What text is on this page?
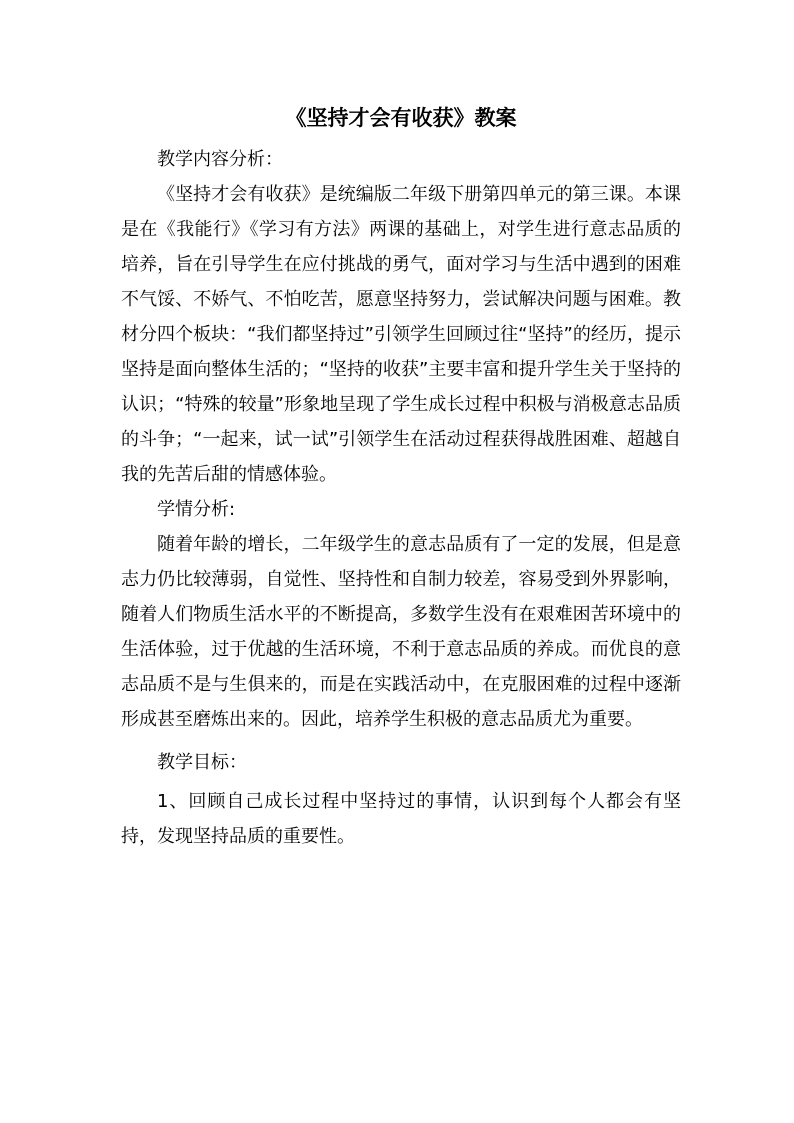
《坚持才会有收获》教案

教学内容分析：

《坚持才会有收获》是统编版二年级下册第四单元的第三课。本课是在《我能行》《学习有方法》两课的基础上，对学生进行意志品质的培养，旨在引导学生在应付挑战的勇气，面对学习与生活中遇到的困难不气馁、不娇气、不怕吃苦，愿意坚持努力，尝试解决问题与困难。教材分四个板块：“我们都坚持过”引领学生回顾过往“坚持”的经历，提示坚持是面向整体生活的；“坚持的收获”主要丰富和提升学生关于坚持的认识；“特殊的较量”形象地呈现了学生成长过程中积极与消极意志品质的斗争；“一起来，试一试”引领学生在活动过程获得战胜困难、超越自我的先苦后甜的情感体验。

学情分析:

随着年龄的增长，二年级学生的意志品质有了一定的发展，但是意志力仍比较薄弱，自觉性、坚持性和自制力较差，容易受到外界影响，随着人们物质生活水平的不断提高，多数学生没有在艰难困苦环境中的生活体验，过于优越的生活环境，不利于意志品质的养成。而优良的意志品质不是与生俱来的，而是在实践活动中，在克服困难的过程中逐渐形成甚至磨炼出来的。因此，培养学生积极的意志品质尤为重要。

教学目标：

1、回顾自己成长过程中坚持过的事情，认识到每个人都会有坚持，发现坚持品质的重要性。
